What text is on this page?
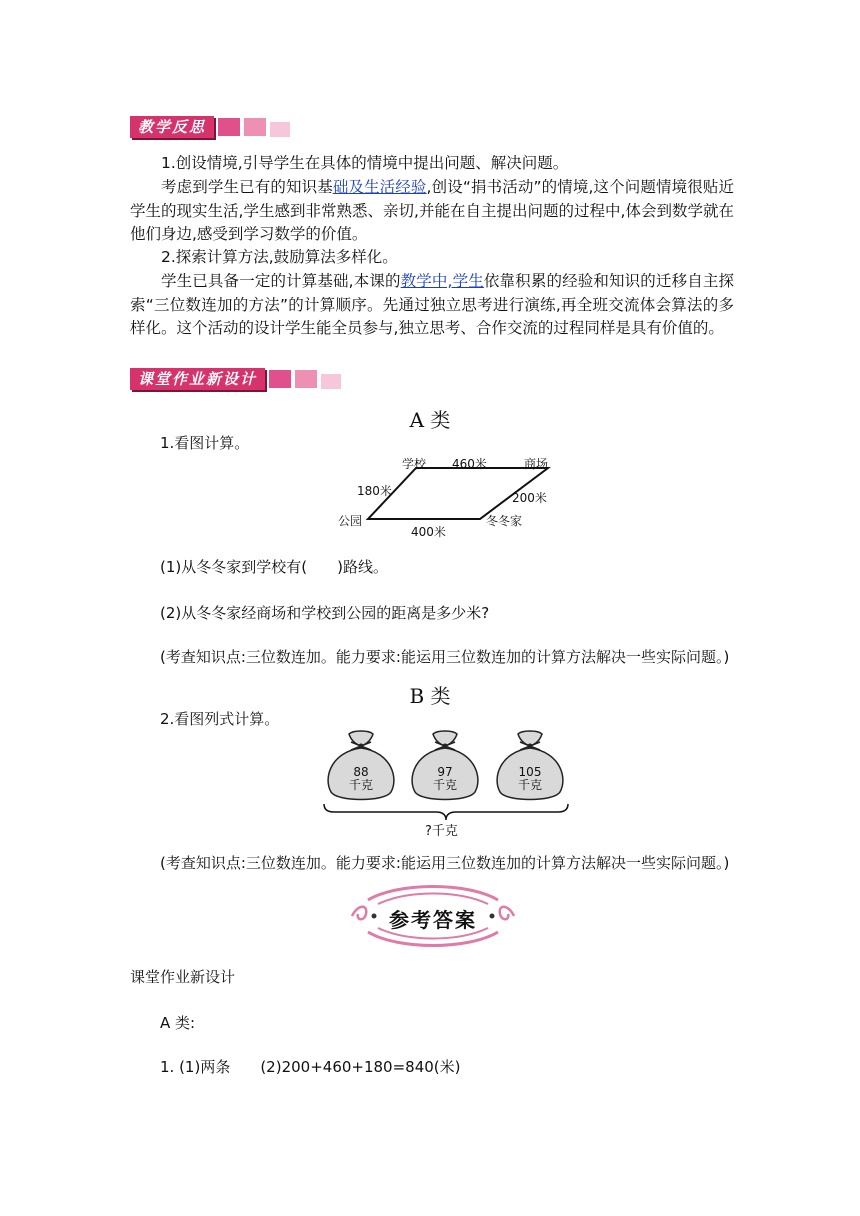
教学反思
1.创设情境,引导学生在具体的情境中提出问题、解决问题。
考虑到学生已有的知识基础及生活经验,创设“捐书活动”的情境,这个问题情境很贴近学生的现实生活,学生感到非常熟悉、亲切,并能在自主提出问题的过程中,体会到数学就在他们身边,感受到学习数学的价值。
2.探索计算方法,鼓励算法多样化。
学生已具备一定的计算基础,本课的教学中,学生依靠积累的经验和知识的迁移自主探索“三位数连加的方法”的计算顺序。先通过独立思考进行演练,再全班交流体会算法的多样化。这个活动的设计学生能全员参与,独立思考、合作交流的过程同样是具有价值的。
课堂作业新设计
A 类
1.看图计算。
学校 460米	商场
180米	200米
公园	冬冬家
400米
(1)从冬冬家到学校有(　　)路线。
(2)从冬冬家经商场和学校到公园的距离是多少米?
(考查知识点:三位数连加。能力要求:能运用三位数连加的计算方法解决一些实际问题。)
B 类
2.看图列式计算。
88
千克
97
千克
105
千克
?千克
(考查知识点:三位数连加。能力要求:能运用三位数连加的计算方法解决一些实际问题。)
参考答案
课堂作业新设计
A 类:
1. (1)两条　　(2)200+460+180=840(米)
